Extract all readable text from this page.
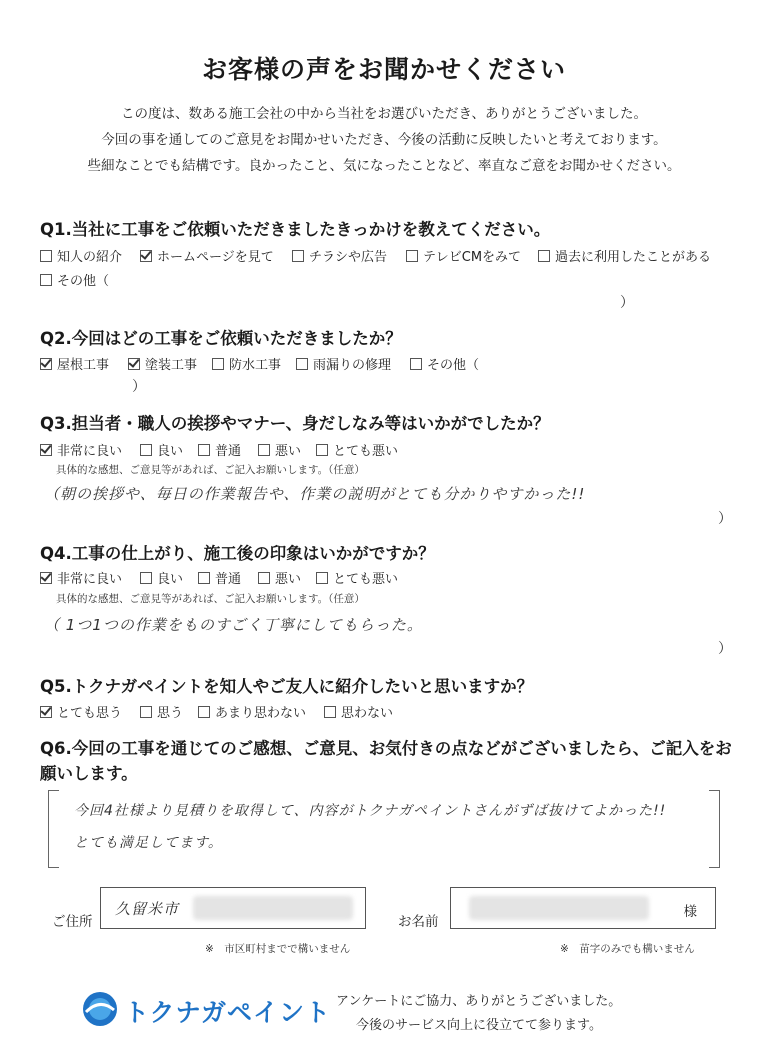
お客様の声をお聞かせください
この度は、数ある施工会社の中から当社をお選びいただき、ありがとうございました。
今回の事を通してのご意見をお聞かせいただき、今後の活動に反映したいと考えております。
些細なことでも結構です。良かったこと、気になったことなど、率直なご意をお聞かせください。
Q1.当社に工事をご依頼いただきましたきっかけを教えてください。
知人の紹介	ホームページを見て	チラシや広告	テレビCMをみて	過去に利用したことがある
その他（
）
Q2.今回はどの工事をご依頼いただきましたか？
屋根工事	塗装工事	防水工事	雨漏りの修理	その他（
）
Q3.担当者・職人の挨拶やマナー、身だしなみ等はいかがでしたか？
非常に良い	良い	普通	悪い	とても悪い
具体的な感想、ご意見等があれば、ご記入お願いします。（任意）
（朝の挨拶や、毎日の作業報告や、作業の説明がとても分かりやすかった!!
）
Q4.工事の仕上がり、施工後の印象はいかがですか？
非常に良い	良い	普通	悪い	とても悪い
具体的な感想、ご意見等があれば、ご記入お願いします。（任意）
（ 1つ1つの作業をものすごく丁寧にしてもらった。
）
Q5.トクナガペイントを知人やご友人に紹介したいと思いますか？
とても思う	思う	あまり思わない	思わない
Q6.今回の工事を通じてのご感想、ご意見、お気付きの点などがございましたら、ご記入をお
願いします。
今回4社様より見積りを取得して、内容がトクナガペイントさんがずば抜けてよかった!!
とても満足してます。
ご住所
久留米市
※　市区町村までで構いません
お名前
様
※　苗字のみでも構いません
トクナガペイント アンケートにご協力、ありがとうございました。
今後のサービス向上に役立てて参ります。
